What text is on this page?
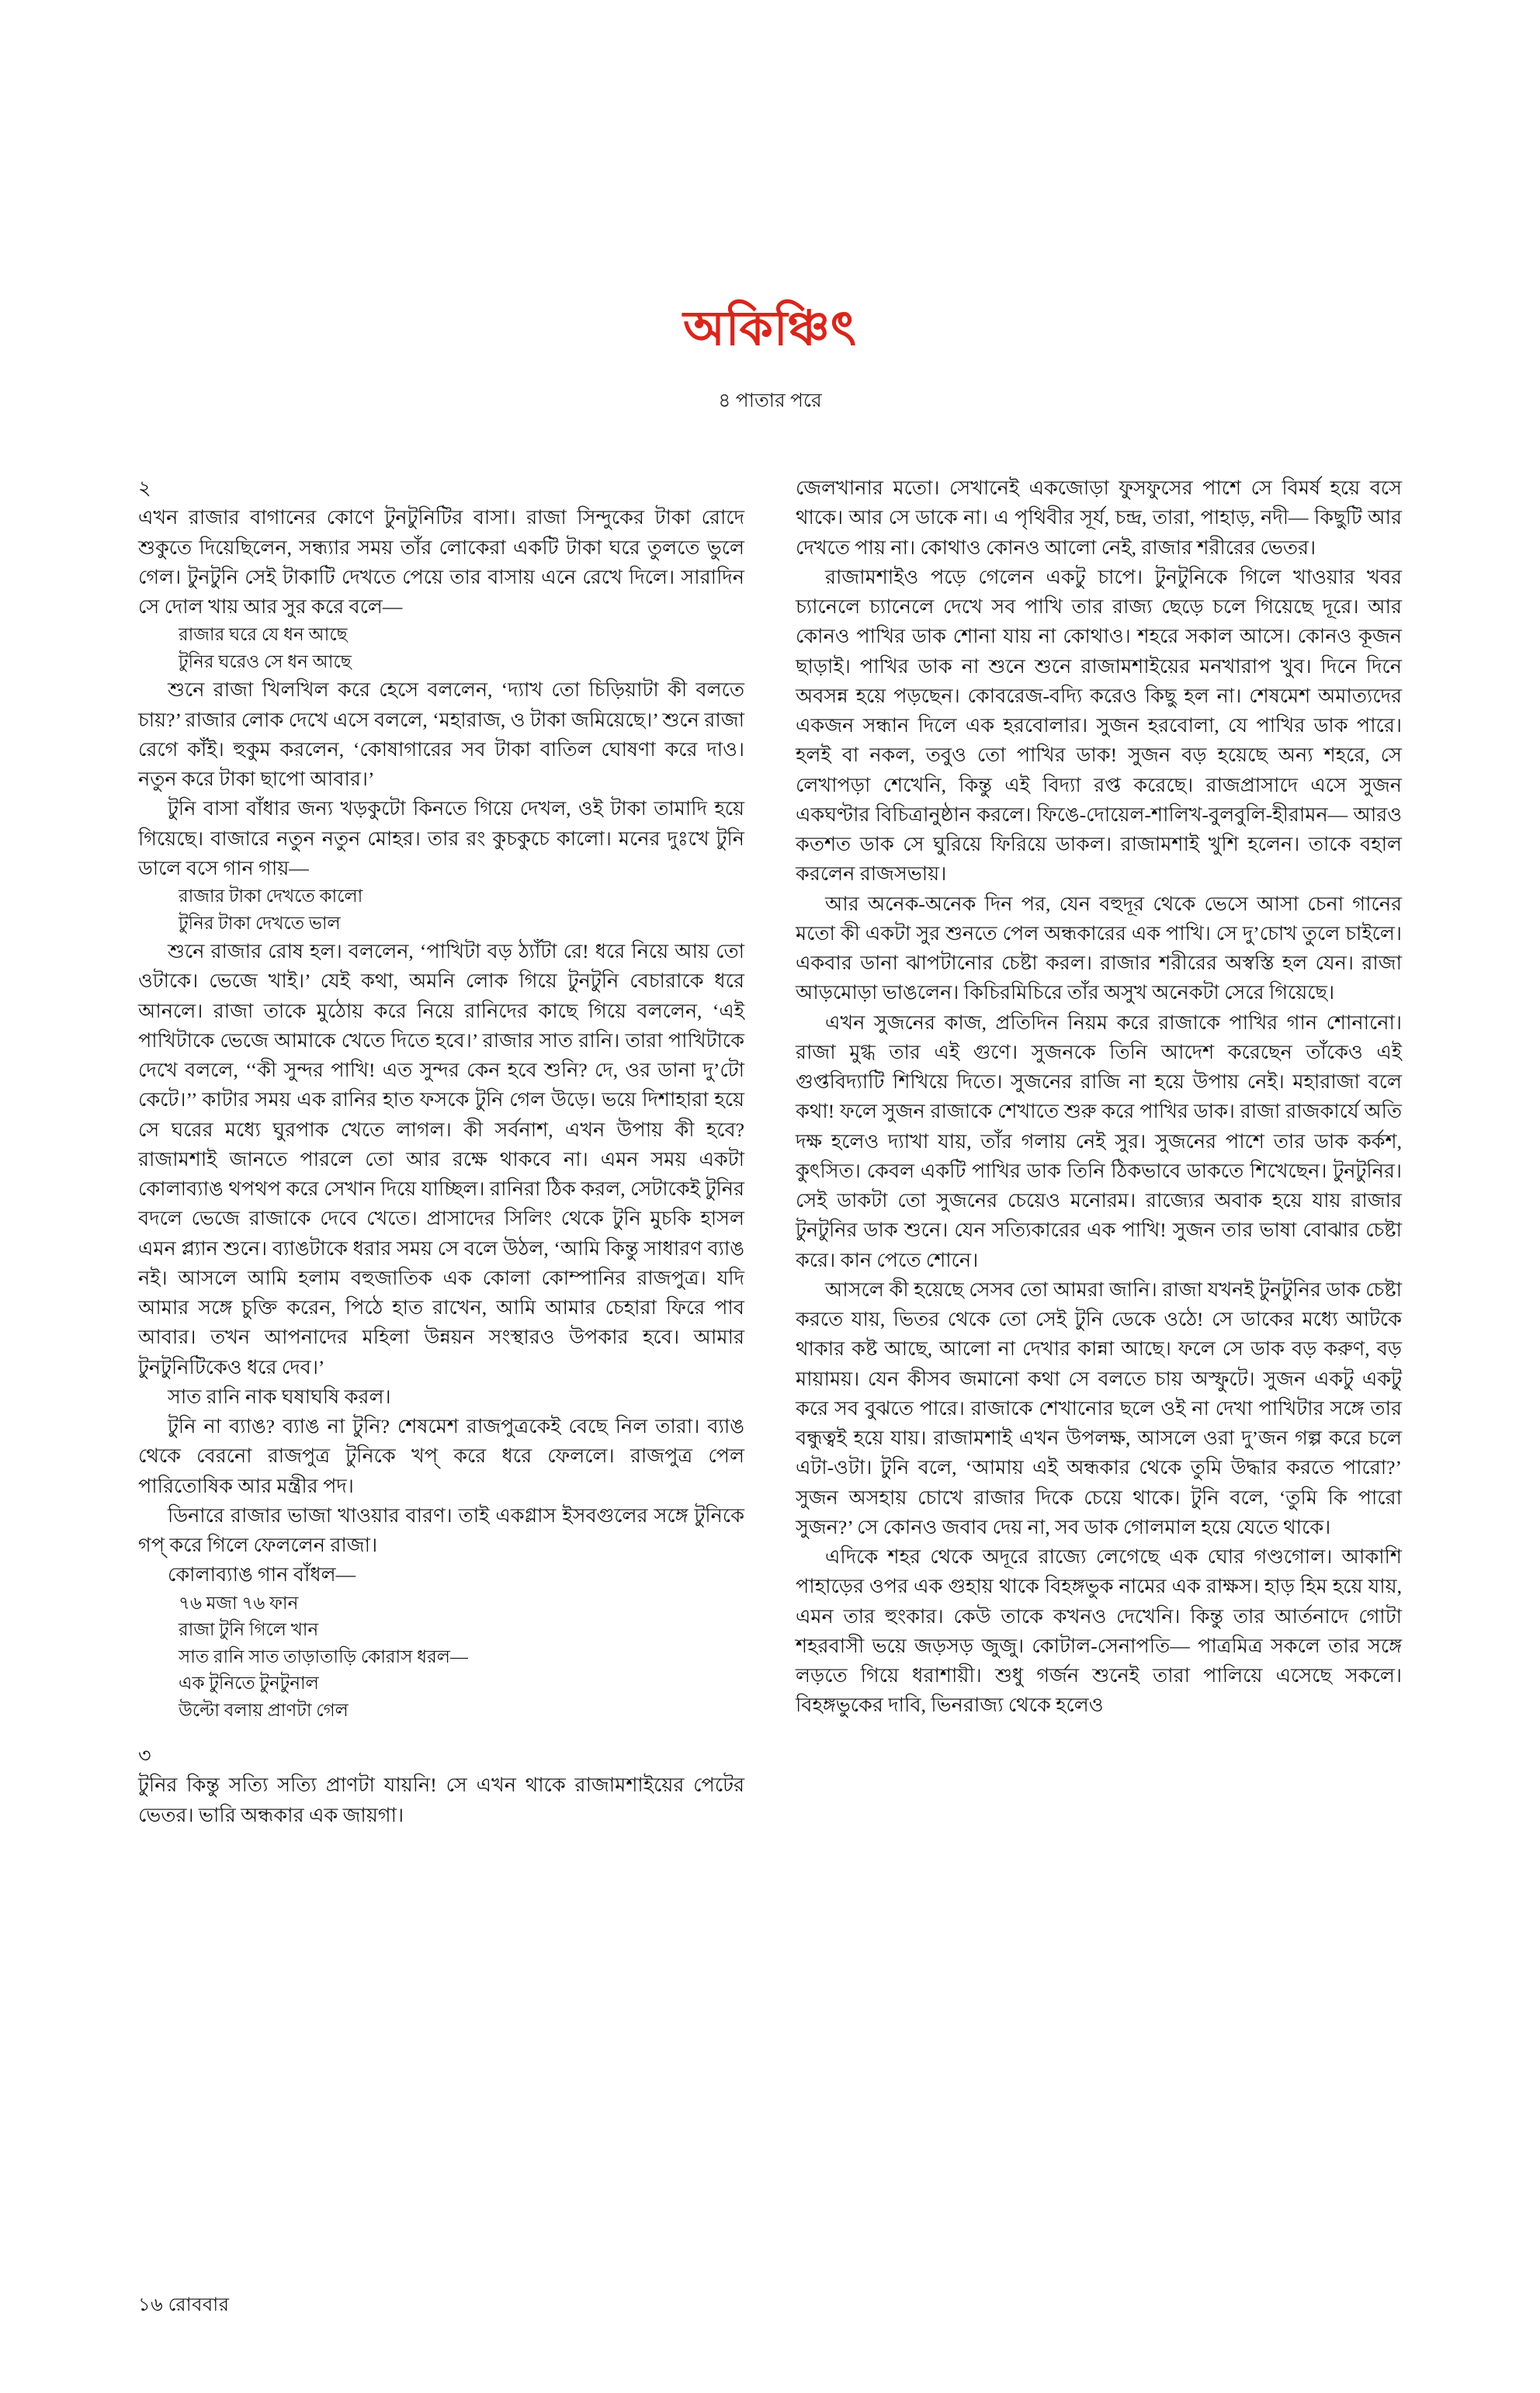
অকিঞ্চিৎ
৪ পাতার পরে
২

এখন রাজার বাগানের কোণে টুনটুনিটির বাসা। রাজা সিন্দুকের টাকা রোদে শুকুতে দিয়েছিলেন, সন্ধ্যার সময় তাঁর লোকেরা একটি টাকা ঘরে তুলতে ভুলে গেল। টুনটুনি সেই টাকাটি দেখতে পেয়ে তার বাসায় এনে রেখে দিলে। সারাদিন সে দোল খায় আর সুর করে বলে—

রাজার ঘরে যে ধন আছে
টুনির ঘরেও সে ধন আছে

শুনে রাজা খিলখিল করে হেসে বললেন, ‘দ্যাখ তো চিড়িয়াটা কী বলতে চায়?’ রাজার লোক দেখে এসে বললে, ‘মহারাজ, ও টাকা জমিয়েছে।’ শুনে রাজা রেগে কাঁই। হুকুম করলেন, ‘কোষাগারের সব টাকা বাতিল ঘোষণা করে দাও। নতুন করে টাকা ছাপো আবার।’

টুনি বাসা বাঁধার জন্য খড়কুটো কিনতে গিয়ে দেখল, ওই টাকা তামাদি হয়ে গিয়েছে। বাজারে নতুন নতুন মোহর। তার রং কুচকুচে কালো। মনের দুঃখে টুনি ডালে বসে গান গায়—

রাজার টাকা দেখতে কালো
টুনির টাকা দেখতে ভাল

শুনে রাজার রোষ হল। বললেন, ‘পাখিটা বড় ঠ্যাঁটা রে! ধরে নিয়ে আয় তো ওটাকে। ভেজে খাই।’ যেই কথা, অমনি লোক গিয়ে টুনটুনি বেচারাকে ধরে আনলে। রাজা তাকে মুঠোয় করে নিয়ে রানিদের কাছে গিয়ে বললেন, ‘এই পাখিটাকে ভেজে আমাকে খেতে দিতে হবে।’ রাজার সাত রানি। তারা পাখিটাকে দেখে বললে, ‘‘কী সুন্দর পাখি! এত সুন্দর কেন হবে শুনি? দে, ওর ডানা দু’টো কেটে।’’ কাটার সময় এক রানির হাত ফসকে টুনি গেল উড়ে। ভয়ে দিশাহারা হয়ে সে ঘরের মধ্যে ঘুরপাক খেতে লাগল। কী সর্বনাশ, এখন উপায় কী হবে? রাজামশাই জানতে পারলে তো আর রক্ষে থাকবে না। এমন সময় একটা কোলাব্যাঙ থপথপ করে সেখান দিয়ে যাচ্ছিল। রানিরা ঠিক করল, সেটাকেই টুনির বদলে ভেজে রাজাকে দেবে খেতে। প্রাসাদের সিলিং থেকে টুনি মুচকি হাসল এমন প্ল্যান শুনে। ব্যাঙটাকে ধরার সময় সে বলে উঠল, ‘আমি কিন্তু সাধারণ ব্যাঙ নই। আসলে আমি হলাম বহুজাতিক এক কোলা কোম্পানির রাজপুত্র। যদি আমার সঙ্গে চুক্তি করেন, পিঠে হাত রাখেন, আমি আমার চেহারা ফিরে পাব আবার। তখন আপনাদের মহিলা উন্নয়ন সংস্থারও উপকার হবে। আমার টুনটুনিটিকেও ধরে দেব।’

সাত রানি নাক ঘষাঘষি করল।

টুনি না ব্যাঙ? ব্যাঙ না টুনি? শেষমেশ রাজপুত্রকেই বেছে নিল তারা। ব্যাঙ থেকে বেরনো রাজপুত্র টুনিকে খপ্ করে ধরে ফেললে। রাজপুত্র পেল পারিতোষিক আর মন্ত্রীর পদ।

ডিনারে রাজার ভাজা খাওয়ার বারণ। তাই একগ্লাস ইসবগুলের সঙ্গে টুনিকে গপ্ করে গিলে ফেললেন রাজা।

কোলাব্যাঙ গান বাঁধল—

৭৬ মজা ৭৬ ফান
রাজা টুনি গিলে খান
সাত রানি সাত তাড়াতাড়ি কোরাস ধরল—
এক টুনিতে টুনটুনাল
উল্টো বলায় প্রাণটা গেল
৩

টুনির কিন্তু সত্যি সত্যি প্রাণটা যায়নি! সে এখন থাকে রাজামশাইয়ের পেটের ভেতর। ভারি অন্ধকার এক জায়গা।

জেলখানার মতো। সেখানেই একজোড়া ফুসফুসের পাশে সে বিমর্ষ হয়ে বসে থাকে। আর সে ডাকে না। এ পৃথিবীর সূর্য, চন্দ্র, তারা, পাহাড়, নদী— কিছুটি আর দেখতে পায় না। কোথাও কোনও আলো নেই, রাজার শরীরের ভেতর।

রাজামশাইও পড়ে গেলেন একটু চাপে। টুনটুনিকে গিলে খাওয়ার খবর চ্যানেলে চ্যানেলে দেখে সব পাখি তার রাজ্য ছেড়ে চলে গিয়েছে দূরে। আর কোনও পাখির ডাক শোনা যায় না কোথাও। শহরে সকাল আসে। কোনও কূজন ছাড়াই। পাখির ডাক না শুনে শুনে রাজামশাইয়ের মনখারাপ খুব। দিনে দিনে অবসন্ন হয়ে পড়ছেন। কোবরেজ-বদ্যি করেও কিছু হল না। শেষমেশ অমাত্যদের একজন সন্ধান দিলে এক হরবোলার। সুজন হরবোলা, যে পাখির ডাক পারে। হলই বা নকল, তবুও তো পাখির ডাক! সুজন বড় হয়েছে অন্য শহরে, সে লেখাপড়া শেখেনি, কিন্তু এই বিদ্যা রপ্ত করেছে। রাজপ্রাসাদে এসে সুজন একঘণ্টার বিচিত্রানুষ্ঠান করলে। ফিঙে-দোয়েল-শালিখ-বুলবুলি-হীরামন— আরও কতশত ডাক সে ঘুরিয়ে ফিরিয়ে ডাকল। রাজামশাই খুশি হলেন। তাকে বহাল করলেন রাজসভায়।

আর অনেক-অনেক দিন পর, যেন বহুদূর থেকে ভেসে আসা চেনা গানের মতো কী একটা সুর শুনতে পেল অন্ধকারের এক পাখি। সে দু’চোখ তুলে চাইলে। একবার ডানা ঝাপটানোর চেষ্টা করল। রাজার শরীরের অস্বস্তি হল যেন। রাজা আড়মোড়া ভাঙলেন। কিচিরমিচিরে তাঁর অসুখ অনেকটা সেরে গিয়েছে।

এখন সুজনের কাজ, প্রতিদিন নিয়ম করে রাজাকে পাখির গান শোনানো। রাজা মুগ্ধ তার এই গুণে। সুজনকে তিনি আদেশ করেছেন তাঁকেও এই গুপ্তবিদ্যাটি শিখিয়ে দিতে। সুজনের রাজি না হয়ে উপায় নেই। মহারাজা বলে কথা! ফলে সুজন রাজাকে শেখাতে শুরু করে পাখির ডাক। রাজা রাজকার্যে অতি দক্ষ হলেও দ্যাখা যায়, তাঁর গলায় নেই সুর। সুজনের পাশে তার ডাক কর্কশ, কুৎসিত। কেবল একটি পাখির ডাক তিনি ঠিকভাবে ডাকতে শিখেছেন। টুনটুনির। সেই ডাকটা তো সুজনের চেয়েও মনোরম। রাজ্যের অবাক হয়ে যায় রাজার টুনটুনির ডাক শুনে। যেন সত্যিকারের এক পাখি! সুজন তার ভাষা বোঝার চেষ্টা করে। কান পেতে শোনে।

আসলে কী হয়েছে সেসব তো আমরা জানি। রাজা যখনই টুনটুনির ডাক চেষ্টা করতে যায়, ভিতর থেকে তো সেই টুনি ডেকে ওঠে! সে ডাকের মধ্যে আটকে থাকার কষ্ট আছে, আলো না দেখার কান্না আছে। ফলে সে ডাক বড় করুণ, বড় মায়াময়। যেন কীসব জমানো কথা সে বলতে চায় অস্ফুটে। সুজন একটু একটু করে সব বুঝতে পারে। রাজাকে শেখানোর ছলে ওই না দেখা পাখিটার সঙ্গে তার বন্ধুত্বই হয়ে যায়। রাজামশাই এখন উপলক্ষ, আসলে ওরা দু’জন গল্প করে চলে এটা-ওটা। টুনি বলে, ‘আমায় এই অন্ধকার থেকে তুমি উদ্ধার করতে পারো?’ সুজন অসহায় চোখে রাজার দিকে চেয়ে থাকে। টুনি বলে, ‘তুমি কি পারো সুজন?’ সে কোনও জবাব দেয় না, সব ডাক গোলমাল হয়ে যেতে থাকে।

এদিকে শহর থেকে অদূরে রাজ্যে লেগেছে এক ঘোর গণ্ডগোল। আকাশি পাহাড়ের ওপর এক গুহায় থাকে বিহঙ্গভুক নামের এক রাক্ষস। হাড় হিম হয়ে যায়, এমন তার হুংকার। কেউ তাকে কখনও দেখেনি। কিন্তু তার আর্তনাদে গোটা শহরবাসী ভয়ে জড়সড় জুজু। কোটাল-সেনাপতি— পাত্রমিত্র সকলে তার সঙ্গে লড়তে গিয়ে ধরাশায়ী। শুধু গর্জন শুনেই তারা পালিয়ে এসেছে সকলে। বিহঙ্গভুকের দাবি, ভিনরাজ্য থেকে হলেও

১৬ রোববার
